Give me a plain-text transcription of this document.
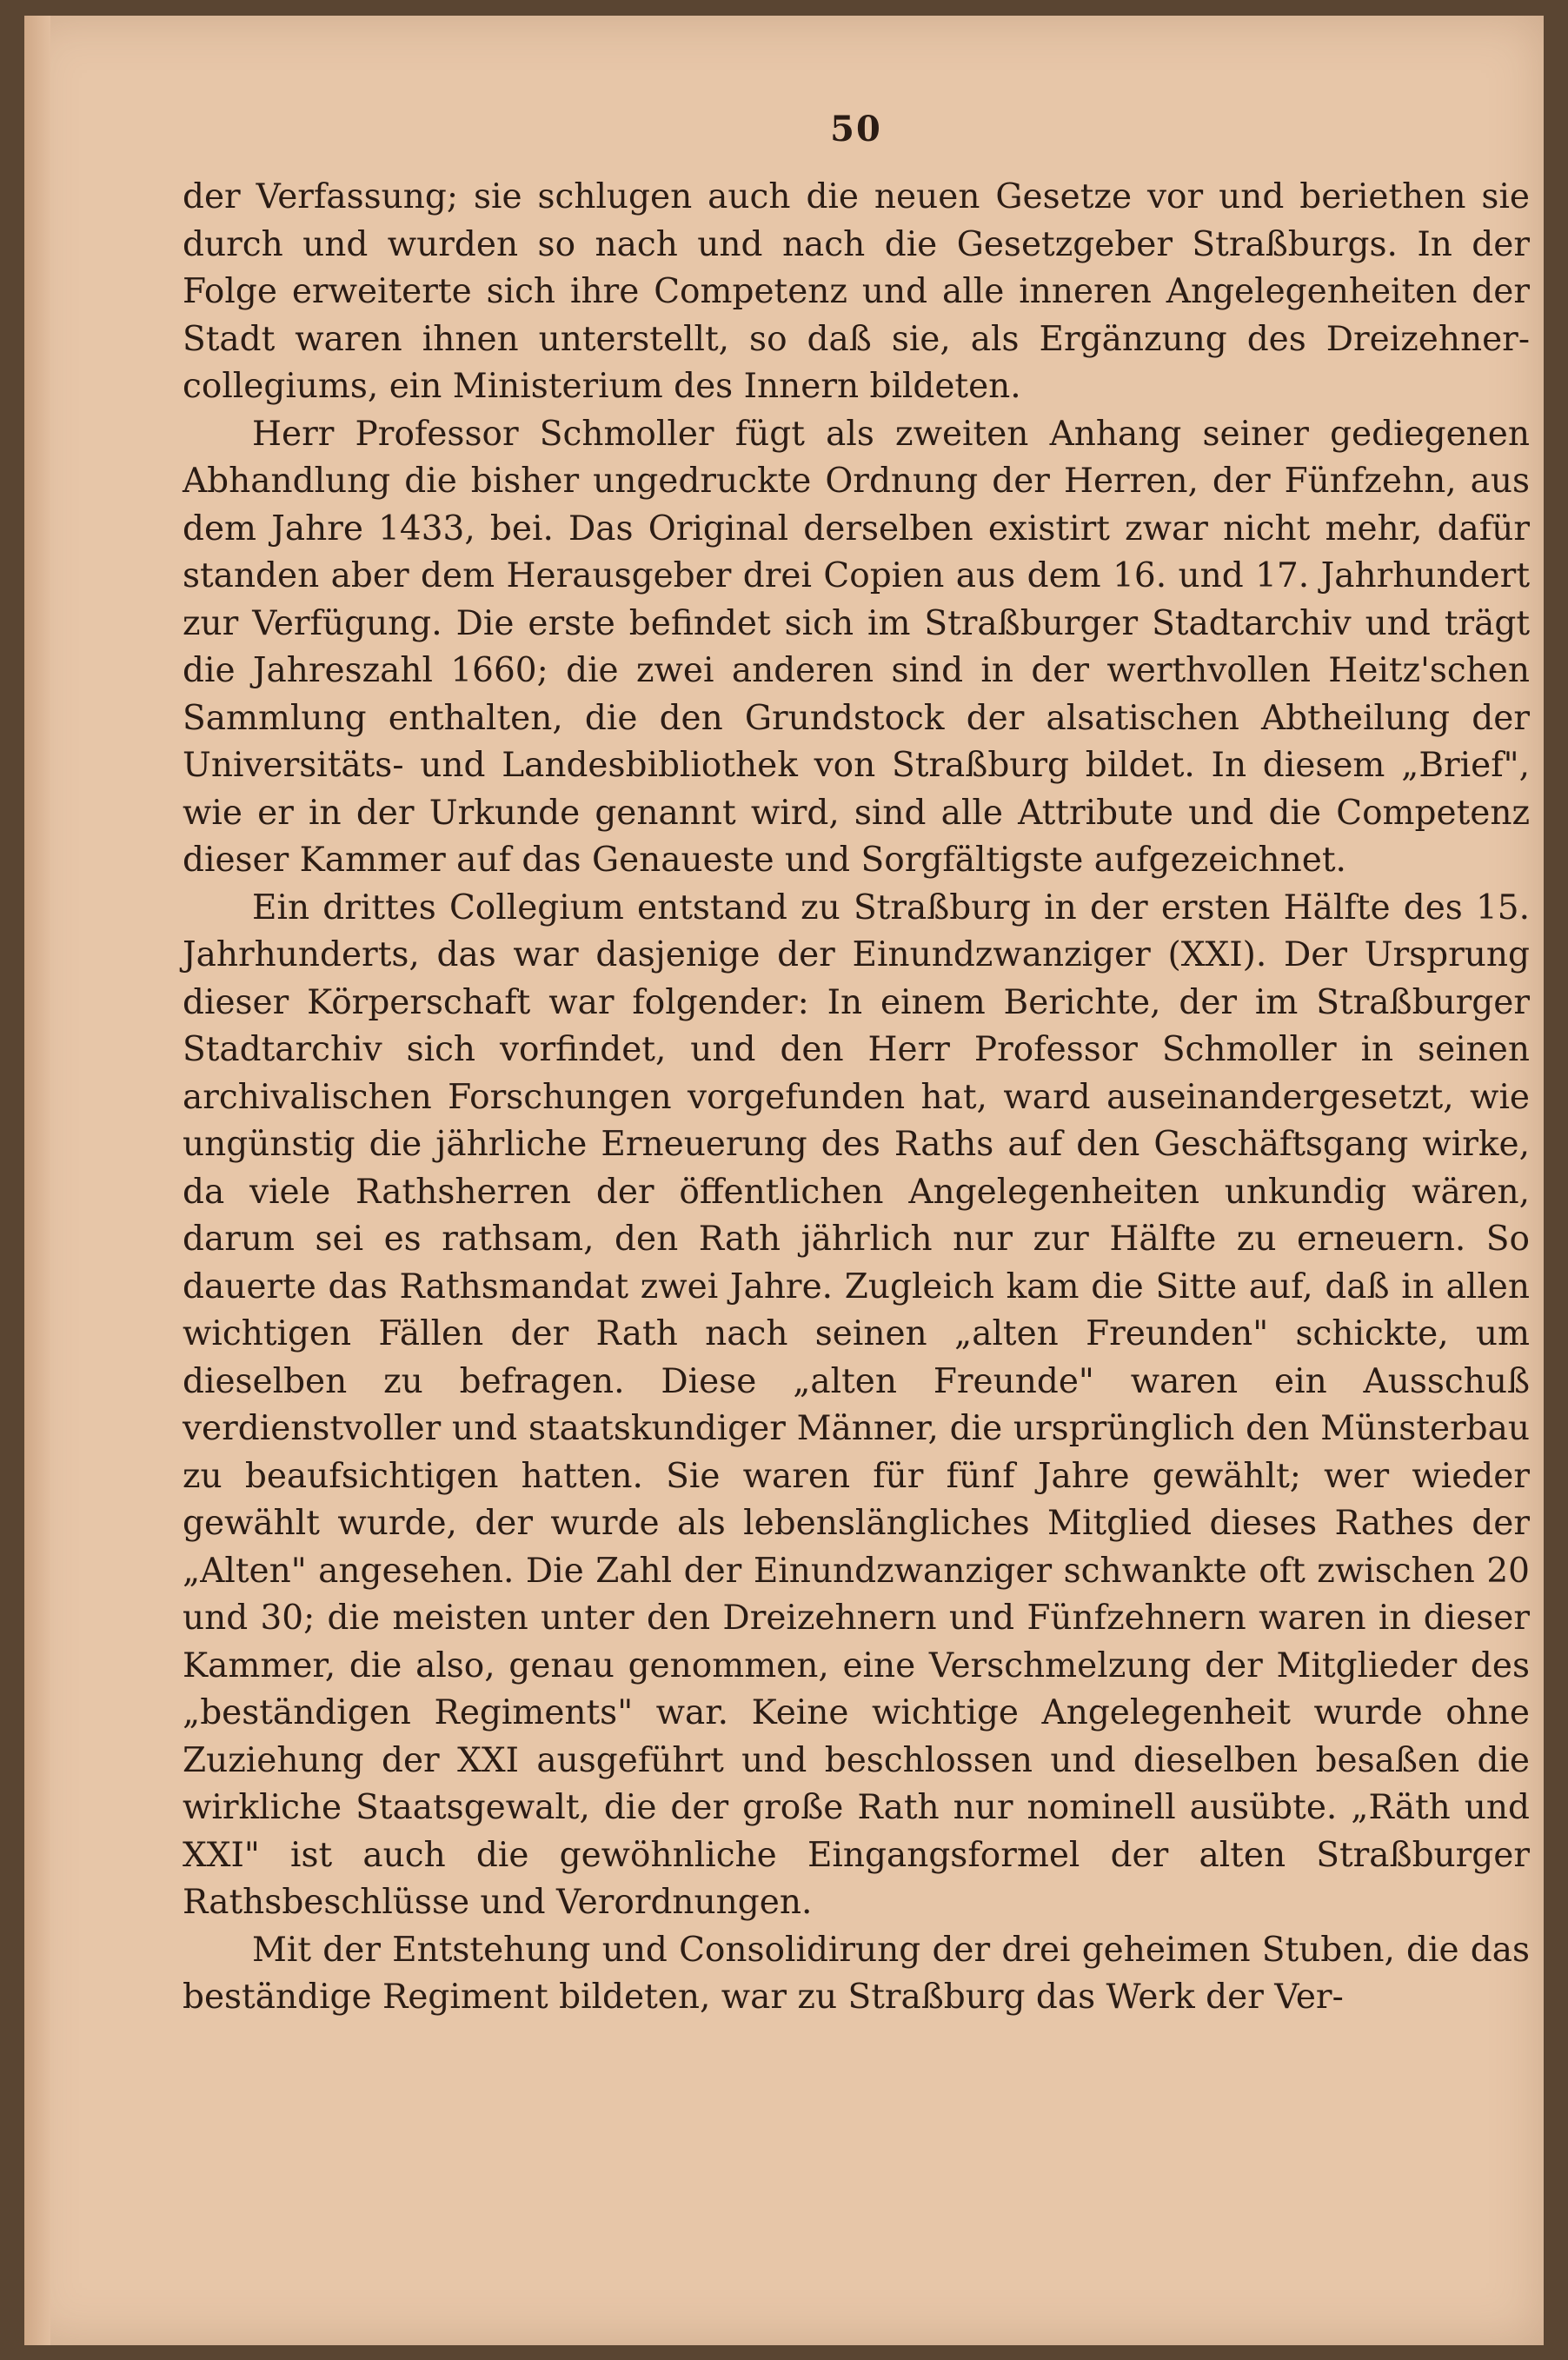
50

der Verfassung; sie schlugen auch die neuen Gesetze vor und beriethen sie durch und wurden so nach und nach die Gesetzgeber Straßburgs. In der Folge erweiterte sich ihre Competenz und alle inneren Angelegenheiten der Stadt waren ihnen unterstellt, so daß sie, als Ergänzung des Dreizehner-collegiums, ein Ministerium des Innern bildeten.

Herr Professor Schmoller fügt als zweiten Anhang seiner gediegenen Abhandlung die bisher ungedruckte Ordnung der Herren, der Fünfzehn, aus dem Jahre 1433, bei. Das Original derselben existirt zwar nicht mehr, dafür standen aber dem Herausgeber drei Copien aus dem 16. und 17. Jahrhundert zur Verfügung. Die erste befindet sich im Straßburger Stadtarchiv und trägt die Jahreszahl 1660; die zwei anderen sind in der werthvollen Heitz'schen Sammlung enthalten, die den Grundstock der alsatischen Abtheilung der Universitäts- und Landesbibliothek von Straßburg bildet. In diesem „Brief", wie er in der Urkunde genannt wird, sind alle Attribute und die Competenz dieser Kammer auf das Genaueste und Sorgfältigste aufgezeichnet.

Ein drittes Collegium entstand zu Straßburg in der ersten Hälfte des 15. Jahrhunderts, das war dasjenige der Einundzwanziger (XXI). Der Ursprung dieser Körperschaft war folgender: In einem Berichte, der im Straßburger Stadtarchiv sich vorfindet, und den Herr Professor Schmoller in seinen archivalischen Forschungen vorgefunden hat, ward auseinandergesetzt, wie ungünstig die jährliche Erneuerung des Raths auf den Geschäftsgang wirke, da viele Rathsherren der öffentlichen Angelegenheiten unkundig wären, darum sei es rathsam, den Rath jährlich nur zur Hälfte zu erneuern. So dauerte das Rathsmandat zwei Jahre. Zugleich kam die Sitte auf, daß in allen wichtigen Fällen der Rath nach seinen „alten Freunden" schickte, um dieselben zu befragen. Diese „alten Freunde" waren ein Ausschuß verdienstvoller und staatskundiger Männer, die ursprünglich den Münsterbau zu beaufsichtigen hatten. Sie waren für fünf Jahre gewählt; wer wieder gewählt wurde, der wurde als lebenslängliches Mitglied dieses Rathes der „Alten" angesehen. Die Zahl der Einundzwanziger schwankte oft zwischen 20 und 30; die meisten unter den Dreizehnern und Fünfzehnern waren in dieser Kammer, die also, genau genommen, eine Verschmelzung der Mitglieder des „beständigen Regiments" war. Keine wichtige Angelegenheit wurde ohne Zuziehung der XXI ausgeführt und beschlossen und dieselben besaßen die wirkliche Staatsgewalt, die der große Rath nur nominell ausübte. „Räth und XXI" ist auch die gewöhnliche Eingangsformel der alten Straßburger Rathsbeschlüsse und Verordnungen.

Mit der Entstehung und Consolidirung der drei geheimen Stuben, die das beständige Regiment bildeten, war zu Straßburg das Werk der Ver-
